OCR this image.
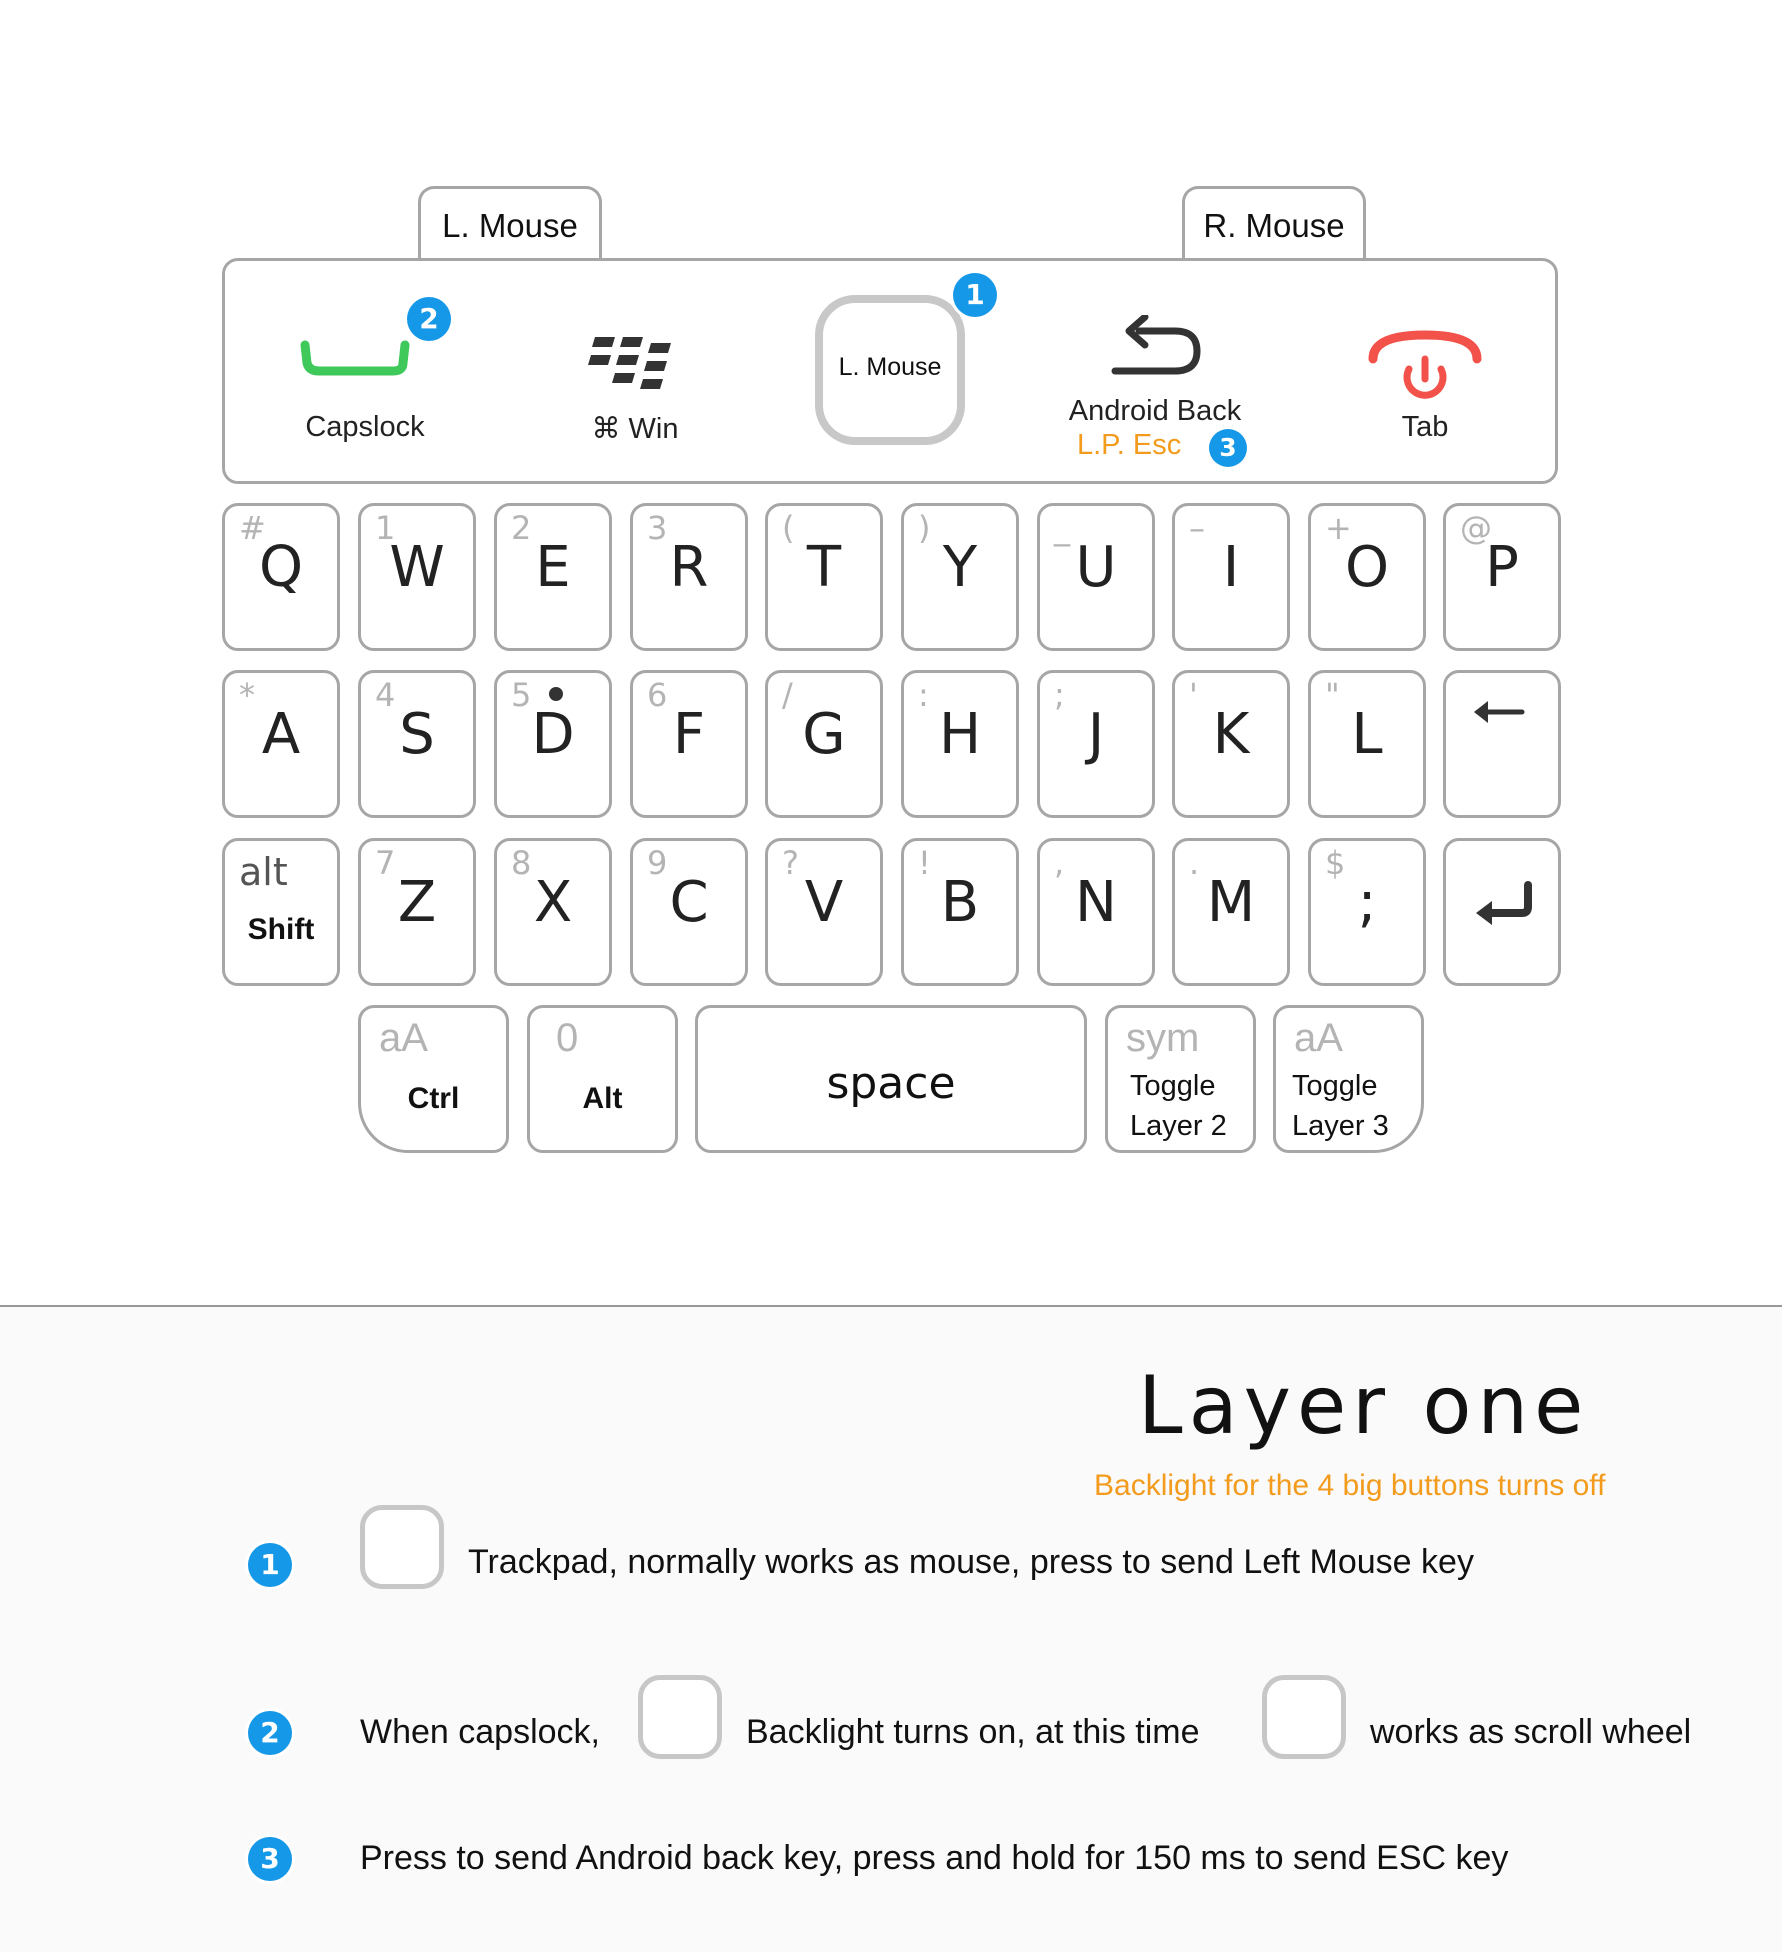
L. Mouse	R. Mouse
Capslock
2
⌘ Win
L. Mouse
1
Android Back
L.P. Esc	3
Tab
#
Q
1
W
2
E
3
R
(
T
)
Y
_
U
–
I
+
O
@
P
*
A
4
S
5
D
6
F
/
G
:
H
;
J
'
K
"
L
alt
Shift
7
Z
8
X
9
C
?
V
!
B
,
N
.
M
$
;
aA
Ctrl
0
Alt	space
sym
Toggle
Layer 2
aA
Toggle
Layer 3
Layer one
Backlight for the 4 big buttons turns off
1	Trackpad, normally works as mouse, press to send Left Mouse key
2	When capslock,	Backlight turns on, at this time	works as scroll wheel
3	Press to send Android back key, press and hold for 150 ms to send ESC key
